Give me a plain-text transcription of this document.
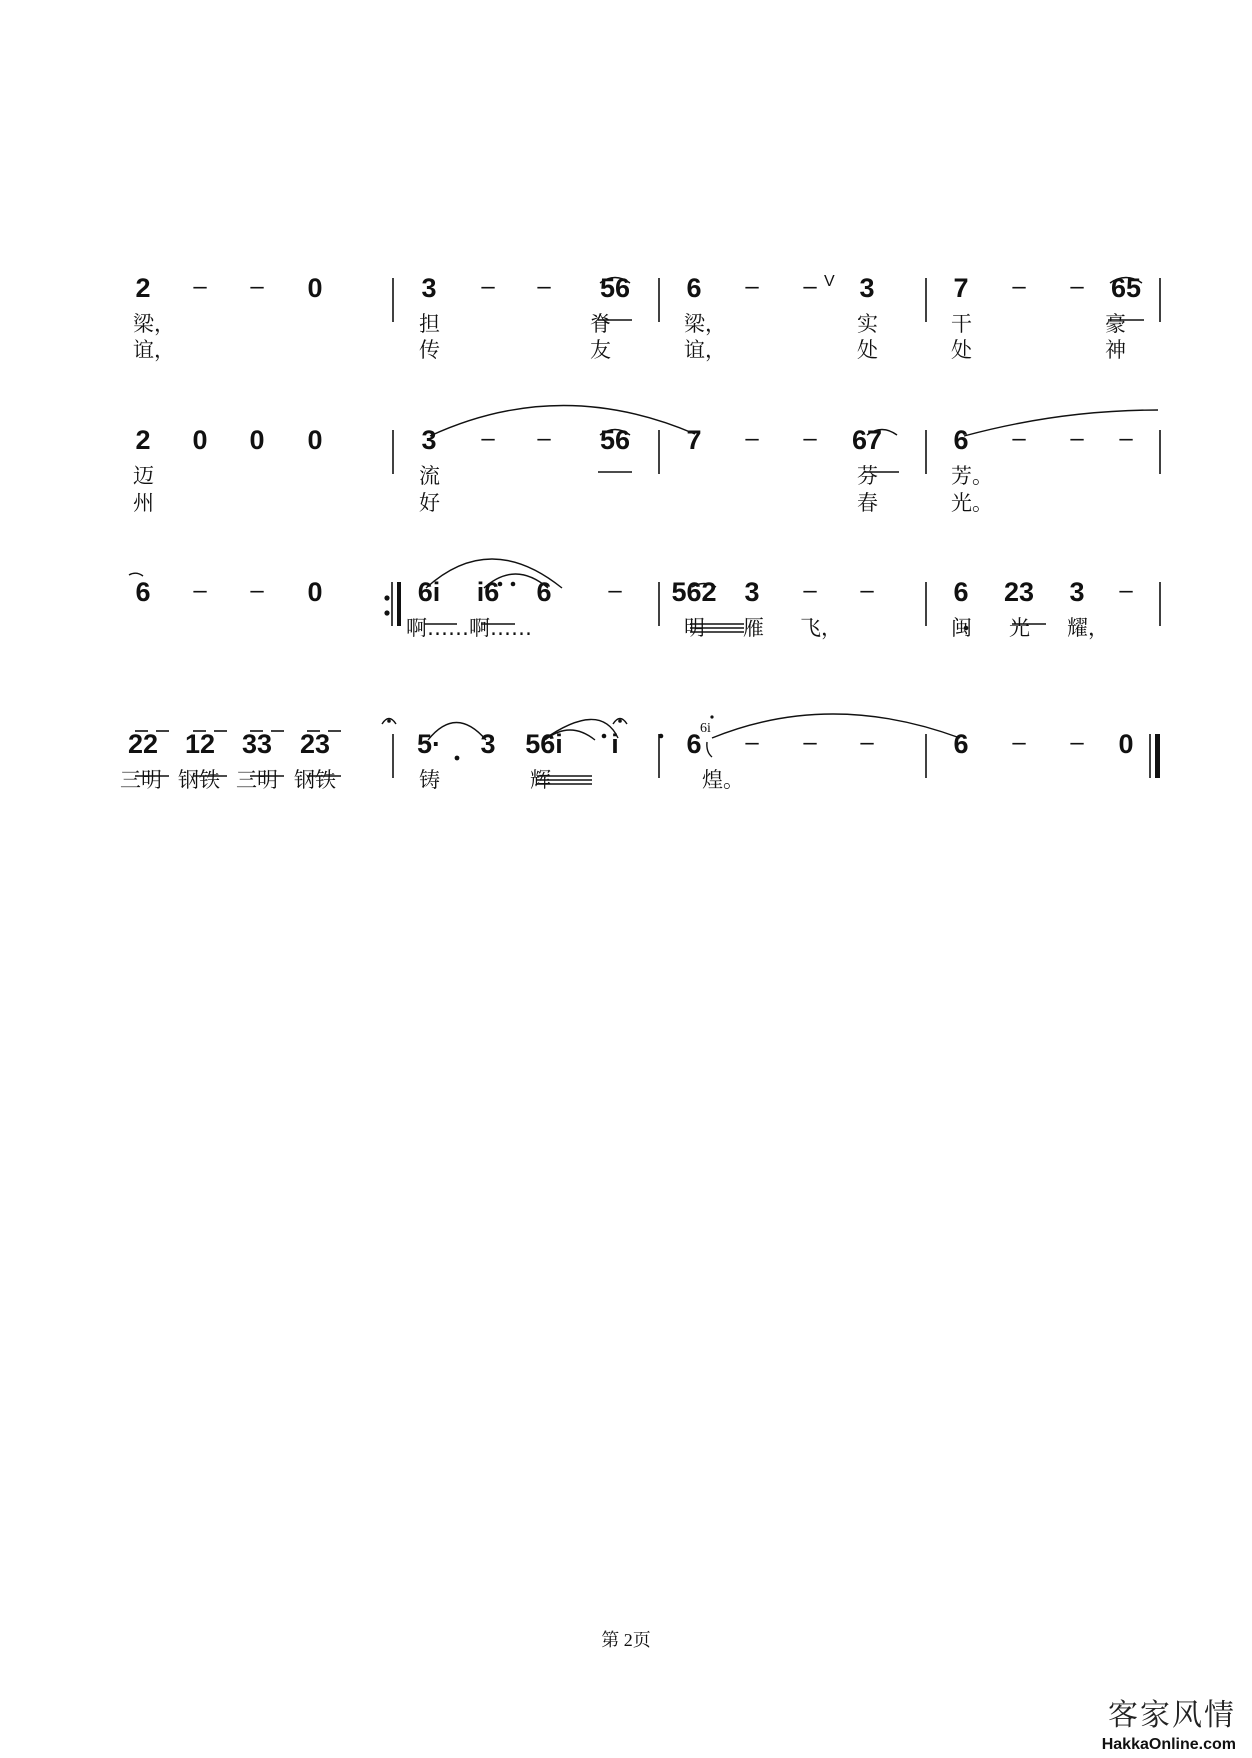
2	–	–	0	3	–	–	56	6	–	–	3	7	–	–	65
2	0	0	0	3	–	–	56	7	–	–	67	6	–	–	–
6	–	–	0	6i	i6	6	–	562	3	–	–	6	23	3	–
22 12 33	23	5·	3	56i	i	6	–	–	–	6	–	–	0
梁，	担	脊	梁，	实	干	豪
谊，	传	友	谊，	处	处	神
迈	流	芬	芳。
州	好	春	光。
啊……啊……	明 雁 飞，	闽 光 耀，
三明 钢铁 三明 钢铁	铸	辉	煌。
V
6i
第 2页
客家风情
HakkaOnline.com
